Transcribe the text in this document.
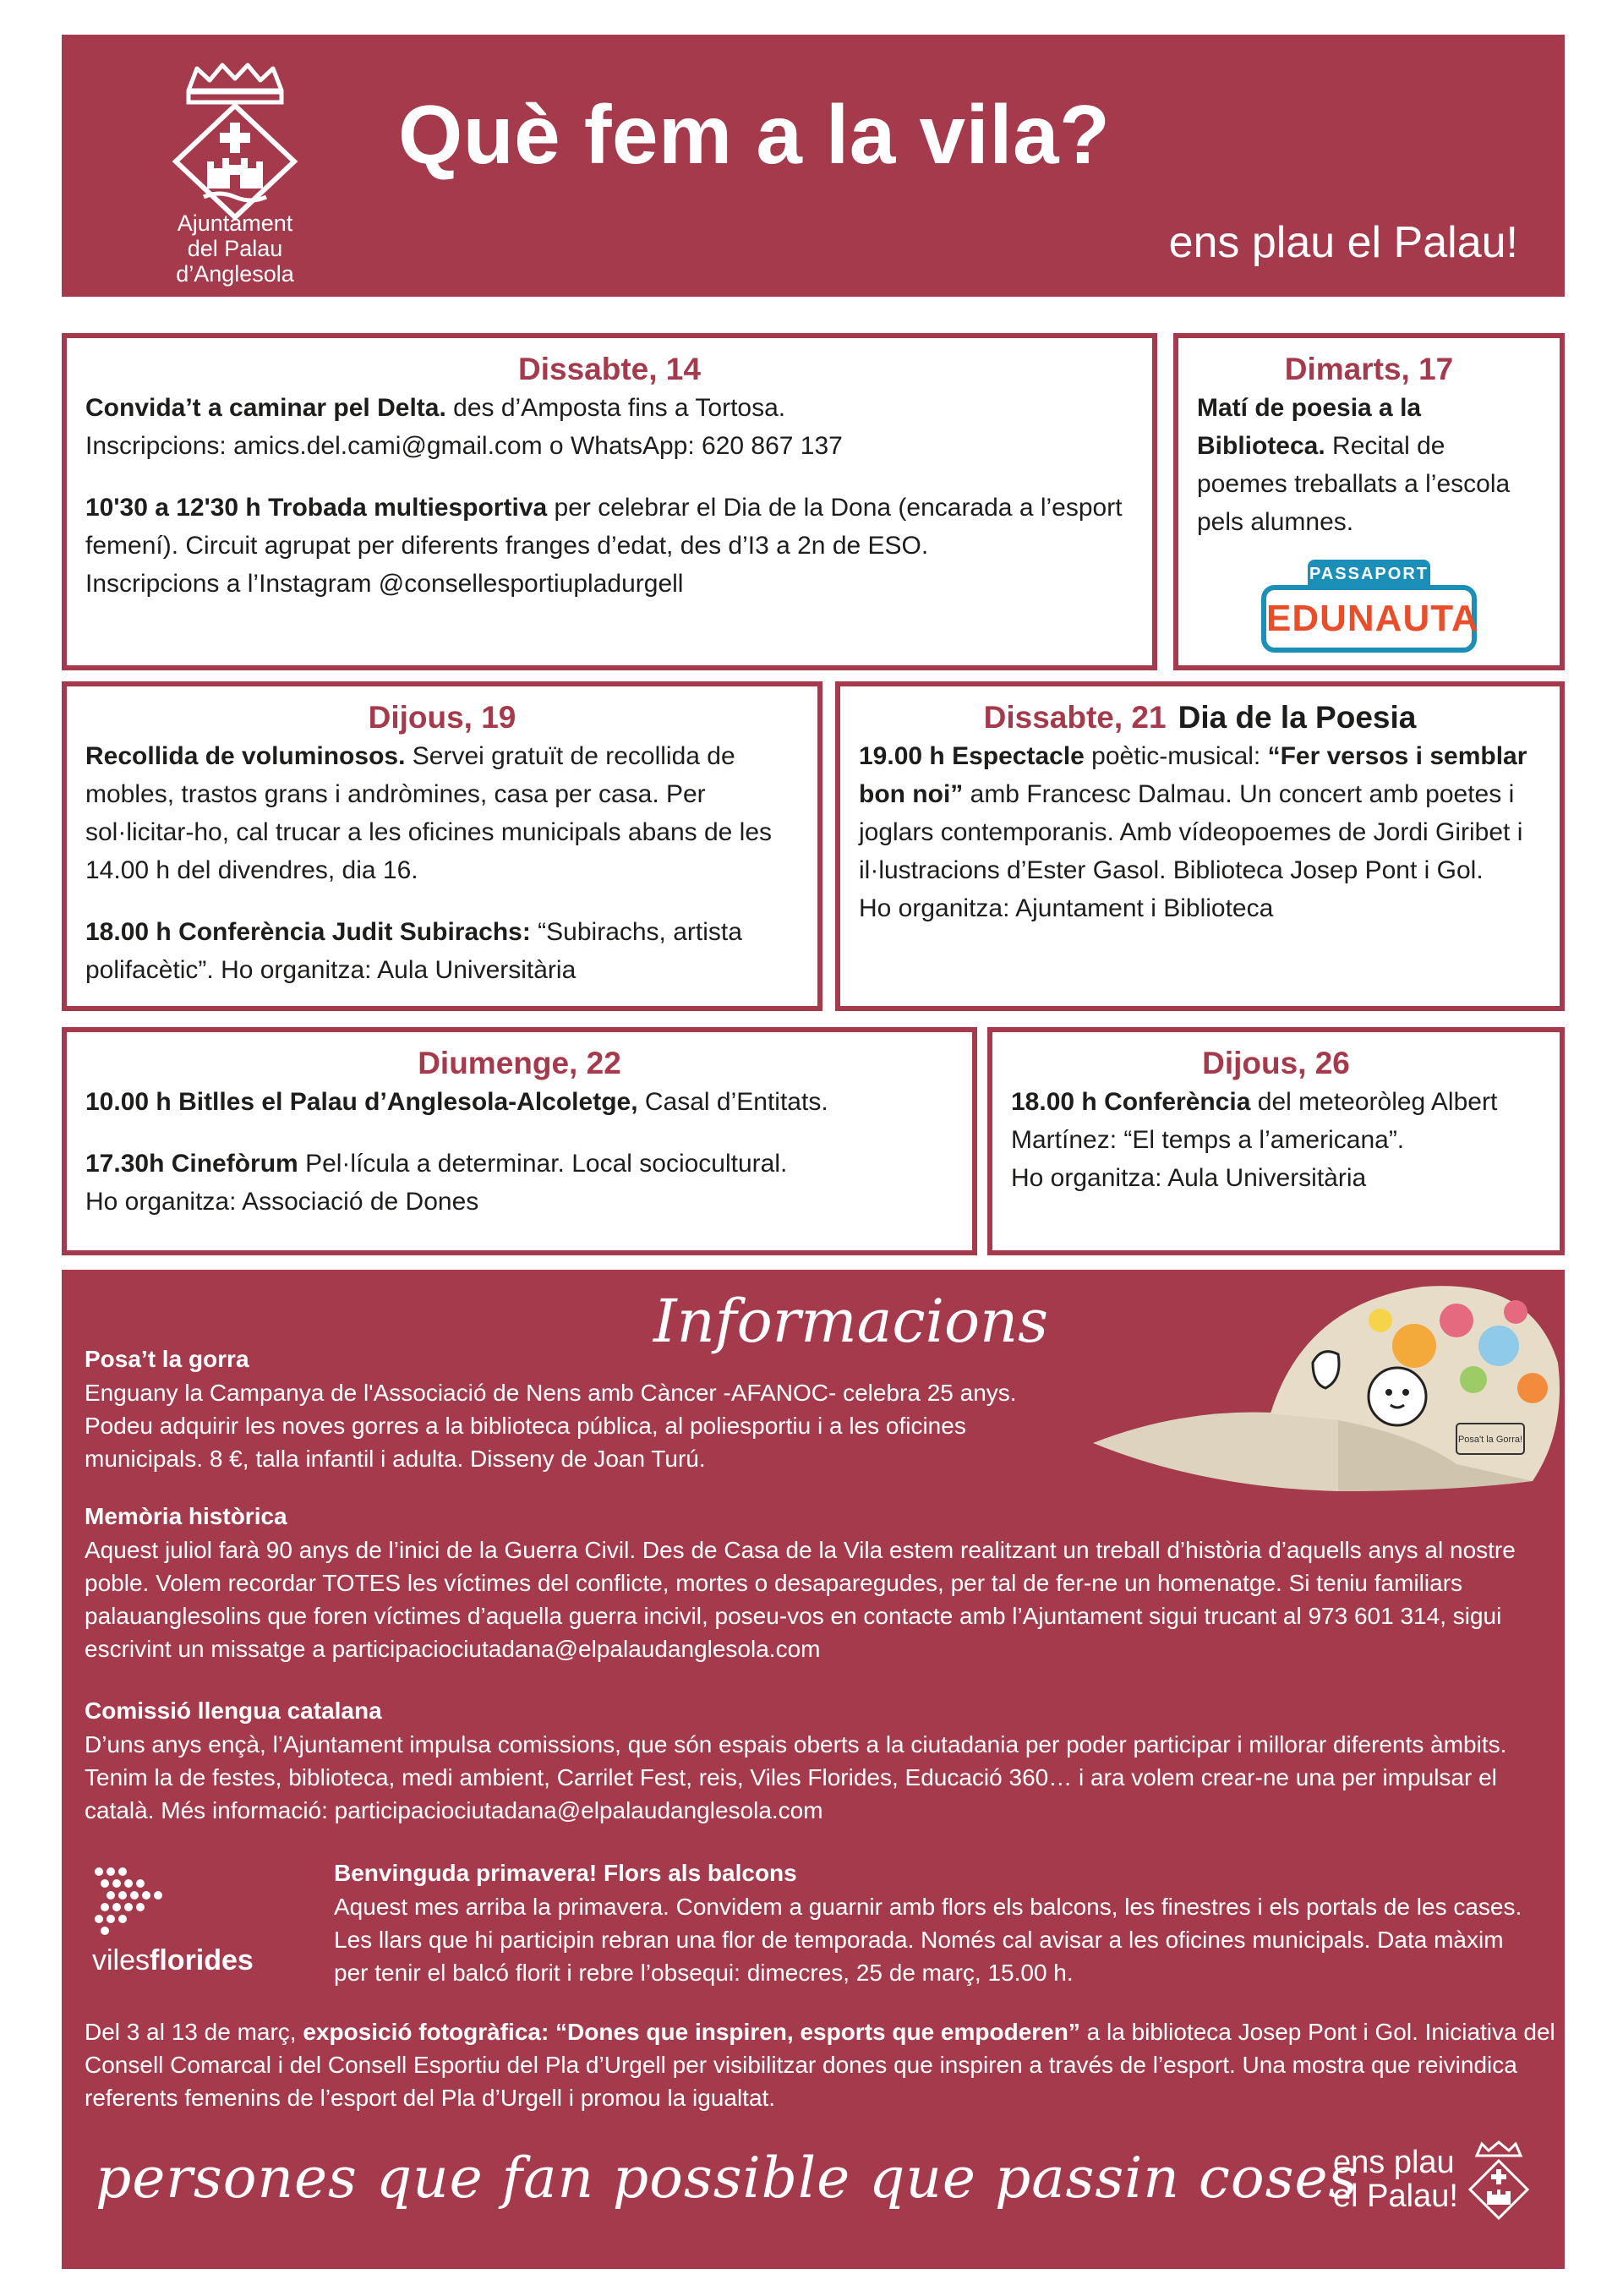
Ajuntament
del Palau d’Anglesola
Què fem a la vila?
ens plau el Palau!
Dissabte, 14

Convida’t a caminar pel Delta. des d’Amposta fins a Tortosa.
Inscripcions: amics.del.cami@gmail.com o WhatsApp: 620 867 137

10'30 a 12'30 h Trobada multiesportiva per celebrar el Dia de la Dona (encarada a l’esport femení). Circuit agrupat per diferents franges d’edat, des d’I3 a 2n de ESO.
Inscripcions a l’Instagram @consellesportiupladurgell

Dimarts, 17

Matí de poesia a la Biblioteca. Recital de poemes treballats a l’escola pels alumnes.

PASSAPORT
EDUNAUTA
Dijous, 19

Recollida de voluminosos. Servei gratuït de recollida de mobles, trastos grans i andròmines, casa per casa. Per sol·licitar-ho, cal trucar a les oficines municipals abans de les 14.00 h del divendres, dia 16.

18.00 h Conferència Judit Subirachs: “Subirachs, artista polifacètic”. Ho organitza: Aula Universitària

Dissabte, 21 Dia de la Poesia

19.00 h Espectacle poètic-musical: “Fer versos i semblar bon noi” amb Francesc Dalmau. Un concert amb poetes i joglars contemporanis. Amb vídeopoemes de Jordi Giribet i il·lustracions d’Ester Gasol. Biblioteca Josep Pont i Gol.
Ho organitza: Ajuntament i Biblioteca

Diumenge, 22

10.00 h Bitlles el Palau d’Anglesola-Alcoletge, Casal d’Entitats.

17.30h Cinefòrum Pel·lícula a determinar. Local sociocultural.
Ho organitza: Associació de Dones

Dijous, 26

18.00 h Conferència del meteoròleg Albert Martínez: “El temps a l’americana”.
Ho organitza: Aula Universitària

Informacions
Posa't la Gorra!
Posa’t la gorra

Enguany la Campanya de l'Associació de Nens amb Càncer -AFANOC- celebra 25 anys. Podeu adquirir les noves gorres a la biblioteca pública, al poliesportiu i a les oficines municipals. 8 €, talla infantil i adulta. Disseny de Joan Turú.

Memòria històrica

Aquest juliol farà 90 anys de l’inici de la Guerra Civil. Des de Casa de la Vila estem realitzant un treball d’història d’aquells anys al nostre poble. Volem recordar TOTES les víctimes del conflicte, mortes o desaparegudes, per tal de fer-ne un homenatge. Si teniu familiars palauanglesolins que foren víctimes d’aquella guerra incivil, poseu-vos en contacte amb l’Ajuntament sigui trucant al 973 601 314, sigui escrivint un missatge a participaciociutadana@elpalaudanglesola.com

Comissió llengua catalana

D’uns anys ençà, l’Ajuntament impulsa comissions, que són espais oberts a la ciutadania per poder participar i millorar diferents àmbits. Tenim la de festes, biblioteca, medi ambient, Carrilet Fest, reis, Viles Florides, Educació 360… i ara volem crear-ne una per impulsar el català. Més informació: participaciociutadana@elpalaudanglesola.com

vilesflorides
Benvinguda primavera! Flors als balcons

Aquest mes arriba la primavera. Convidem a guarnir amb flors els balcons, les finestres i els portals de les cases. Les llars que hi participin rebran una flor de temporada. Només cal avisar a les oficines municipals. Data màxim per tenir el balcó florit i rebre l’obsequi: dimecres, 25 de març, 15.00 h.

Del 3 al 13 de març, exposició fotogràfica: “Dones que inspiren, esports que empoderen” a la biblioteca Josep Pont i Gol. Iniciativa del Consell Comarcal i del Consell Esportiu del Pla d’Urgell per visibilitzar dones que inspiren a través de l’esport. Una mostra que reivindica referents femenins de l’esport del Pla d’Urgell i promou la igualtat.

persones que fan possible que passin coses
ens plau
el Palau!
